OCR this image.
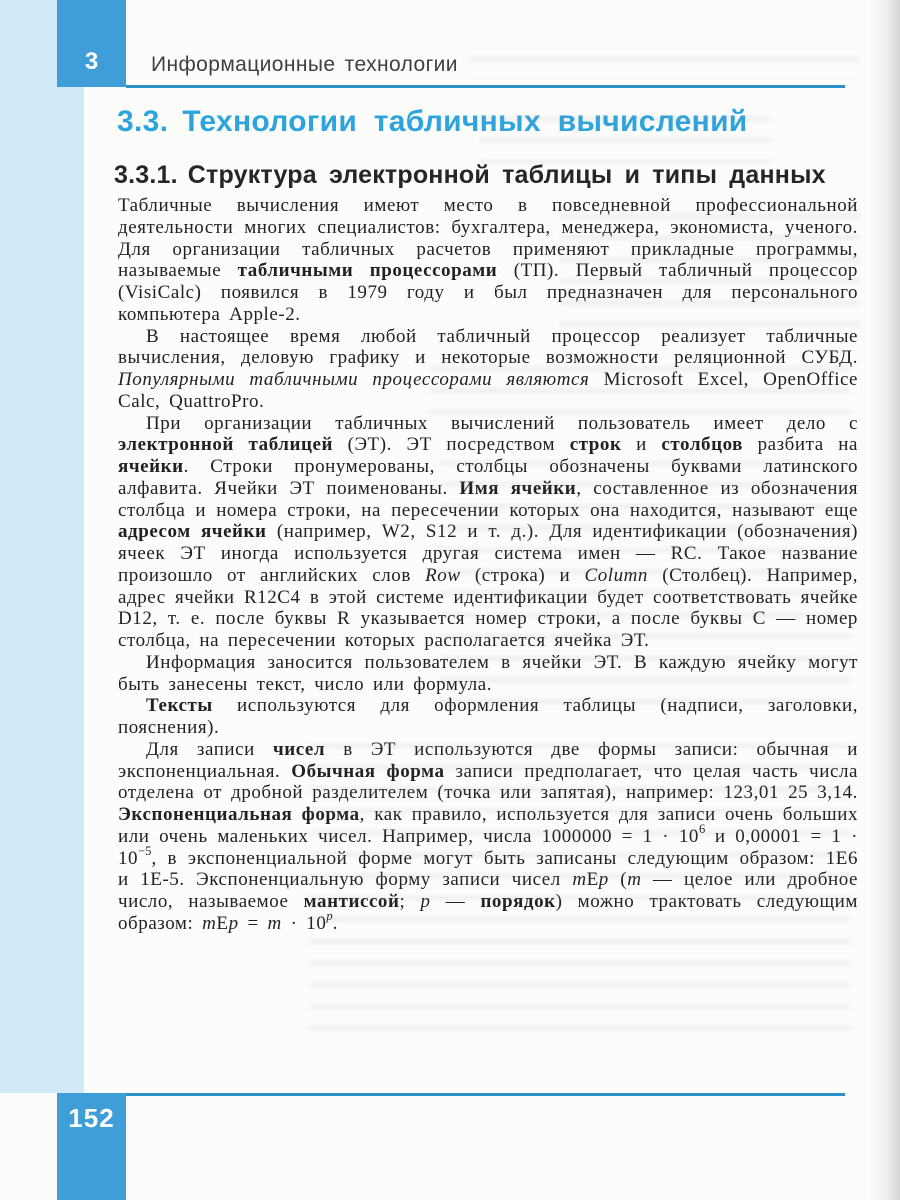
3	Информационные технологии
3.3. Технологии табличных вычислений
3.3.1. Структура электронной таблицы и типы данных

Табличные вычисления имеют место в повседневной профессиональной деятельности многих специалистов: бухгалтера, менеджера, экономиста, ученого. Для организации табличных расчетов применяют прикладные программы, называемые табличными процессорами (ТП). Первый табличный процессор (VisiCalc) появился в 1979 году и был предназначен для персонального компьютера Apple-2.

В настоящее время любой табличный процессор реализует табличные вычисления, деловую графику и некоторые возможности реляционной СУБД. Популярными табличными процессорами являются Microsoft Excel, OpenOffice Calc, QuattroPro.

При организации табличных вычислений пользователь имеет дело с электронной таблицей (ЭТ). ЭТ посредством строк и столбцов разбита на ячейки. Строки пронумерованы, столбцы обозначены буквами латинского алфавита. Ячейки ЭТ поименованы. Имя ячейки, составленное из обозначения столбца и номера строки, на пересечении которых она находится, называют еще адресом ячейки (например, W2, S12 и т. д.). Для идентификации (обозначения) ячеек ЭТ иногда используется другая система имен — RC. Такое название произошло от английских слов Row (строка) и Column (Столбец). Например, адрес ячейки R12C4 в этой системе идентификации будет соответствовать ячейке D12, т. е. после буквы R указывается номер строки, а после буквы C — номер столбца, на пересечении которых располагается ячейка ЭТ.

Информация заносится пользователем в ячейки ЭТ. В каждую ячейку могут быть занесены текст, число или формула.

Тексты используются для оформления таблицы (надписи, заголовки, пояснения).

Для записи чисел в ЭТ используются две формы записи: обычная и экспоненциальная. Обычная форма записи предполагает, что целая часть числа отделена от дробной разделителем (точка или запятая), например: 123,01 25 3,14. Экспоненциальная форма, как правило, используется для записи очень больших или очень маленьких чисел. Например, числа $1000000 = 1 \cdot 10^6$ и $0,00001 = 1 \cdot 10^{-5}$, в экспоненциальной форме могут быть записаны следующим образом: 1Е6 и 1Е-5. Экспоненциальную форму записи чисел mЕp (m — целое или дробное число, называемое мантиссой; p — порядок) можно трактовать следующим образом: mЕp = $m \cdot 10^p$.

152
